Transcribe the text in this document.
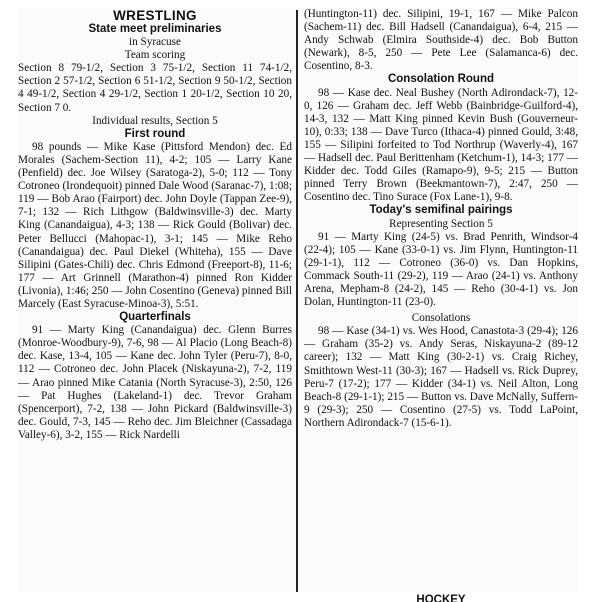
WRESTLING
State meet preliminaries
in Syracuse
Team scoring

Section 8 79-1/2, Section 3 75-1/2, Section 11 74-1/2, Section 2 57-1/2, Section 6 51-1/2, Section 9 50-1/2, Section 4 49-1/2, Section 4 29-1/2, Section 1 20-1/2, Section 10 20, Section 7 0.

Individual results, Section 5
First round

98 pounds — Mike Kase (Pittsford Mendon) dec. Ed Morales (Sachem-Section 11), 4-2; 105 — Larry Kane (Penfield) dec. Joe Wilsey (Saratoga-2), 5-0; 112 — Tony Cotroneo (Irondequoit) pinned Dale Wood (Saranac-7), 1:08; 119 — Bob Arao (Fairport) dec. John Doyle (Tappan Zee-9), 7-1; 132 — Rich Lithgow (Baldwinsville-3) dec. Marty King (Canandaigua), 4-3; 138 — Rick Gould (Bolivar) dec. Peter Bellucci (Mahopac-1), 3-1; 145 — Mike Reho (Canandaigua) dec. Paul Diekel (Whiteha), 155 — Dave Silipini (Gates-Chili) dec. Chris Edmond (Freeport-8), 11-6; 177 — Art Grinnell (Marathon-4) pinned Ron Kidder (Livonia), 1:46; 250 — John Cosentino (Geneva) pinned Bill Marcely (East Syracuse-Minoa-3), 5:51.

Quarterfinals

91 — Marty King (Canandaigua) dec. Glenn Burres (Monroe-Woodbury-9), 7-6, 98 — Al Placio (Long Beach-8) dec. Kase, 13-4, 105 — Kane dec. John Tyler (Peru-7), 8-0, 112 — Cotroneo dec. John Placek (Niskayuna-2), 7-2, 119 — Arao pinned Mike Catania (North Syracuse-3), 2:50, 126 — Pat Hughes (Lakeland-1) dec. Trevor Graham (Spencerport), 7-2, 138 — John Pickard (Baldwinsville-3) dec. Gould, 7-3, 145 — Reho dec. Jim Bleichner (Cassadaga Valley-6), 3-2, 155 — Rick Nardelli

(Huntington-11) dec. Silipini, 19-1, 167 — Mike Palcon (Sachem-11) dec. Bill Hadsell (Canandaigua), 6-4, 215 — Andy Schwab (Elmira Southside-4) dec. Bob Button (Newark), 8-5, 250 — Pete Lee (Salamanca-6) dec. Cosentino, 8-3.

Consolation Round

98 — Kase dec. Neal Bushey (North Adirondack-7), 12-0, 126 — Graham dec. Jeff Webb (Bainbridge-Guilford-4), 14-3, 132 — Matt King pinned Kevin Bush (Gouverneur-10), 0:33; 138 — Dave Turco (Ithaca-4) pinned Gould, 3:48, 155 — Silipini forfeited to Tod Northrup (Waverly-4), 167 — Hadsell dec. Paul Berittenham (Ketchum-1), 14-3; 177 — Kidder dec. Todd Giles (Ramapo-9), 9-5; 215 — Button pinned Terry Brown (Beekmantown-7), 2:47, 250 — Cosentino dec. Tino Surace (Fox Lane-1), 9-8.

Today's semifinal pairings
Representing Section 5

91 — Marty King (24-5) vs. Brad Penrith, Windsor-4 (22-4); 105 — Kane (33-0-1) vs. Jim Flynn, Huntington-11 (29-1-1), 112 — Cotroneo (36-0) vs. Dan Hopkins, Commack South-11 (29-2), 119 — Arao (24-1) vs. Anthony Arena, Mepham-8 (24-2), 145 — Reho (30-4-1) vs. Jon Dolan, Huntington-11 (23-0).

Consolations

98 — Kase (34-1) vs. Wes Hood, Canastota-3 (29-4); 126 — Graham (35-2) vs. Andy Seras, Niskayuna-2 (89-12 career); 132 — Matt King (30-2-1) vs. Craig Richey, Smithtown West-11 (30-3); 167 — Hadsell vs. Rick Duprey, Peru-7 (17-2); 177 — Kidder (34-1) vs. Neil Alton, Long Beach-8 (29-1-1); 215 — Button vs. Dave McNally, Suffern-9 (29-3); 250 — Cosentino (27-5) vs. Todd LaPoint, Northern Adirondack-7 (15-6-1).

HOCKEY
